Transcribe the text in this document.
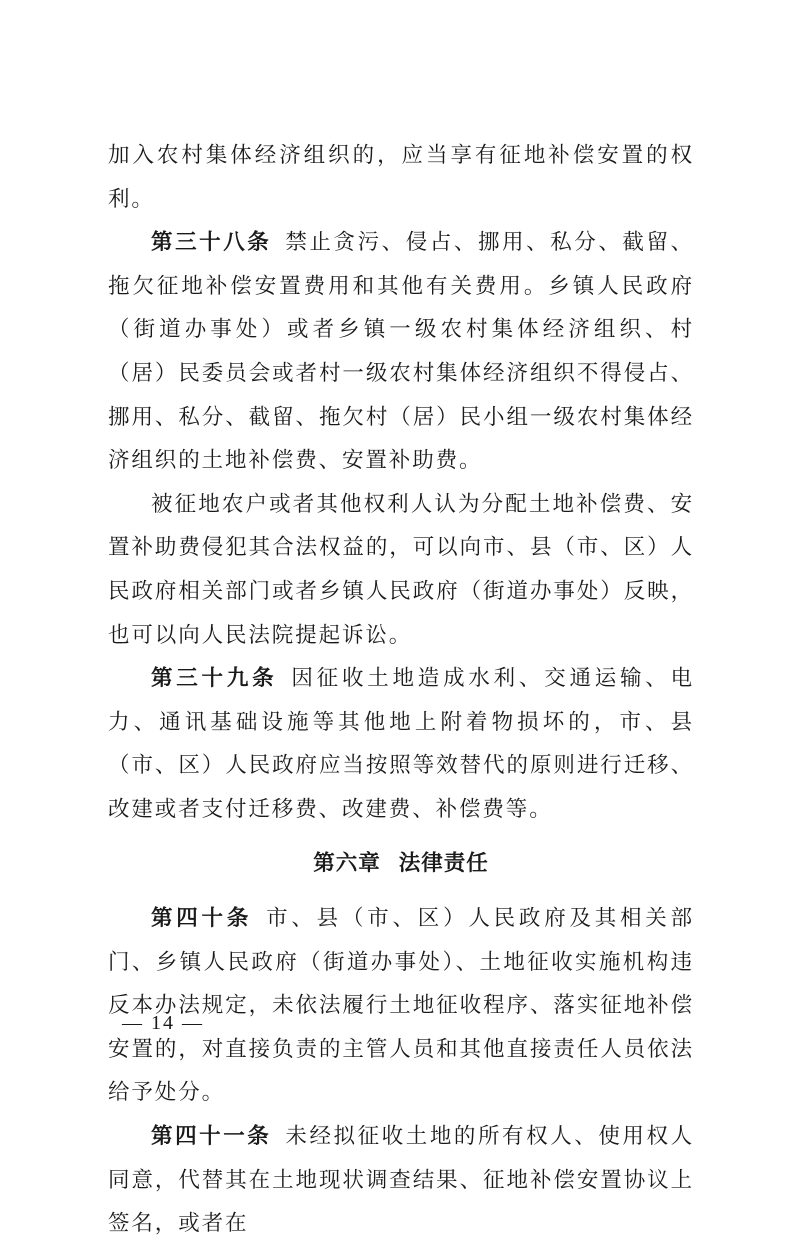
加入农村集体经济组织的，应当享有征地补偿安置的权利。

第三十八条 禁止贪污、侵占、挪用、私分、截留、拖欠征地补偿安置费用和其他有关费用。乡镇人民政府（街道办事处）或者乡镇一级农村集体经济组织、村（居）民委员会或者村一级农村集体经济组织不得侵占、挪用、私分、截留、拖欠村（居）民小组一级农村集体经济组织的土地补偿费、安置补助费。

被征地农户或者其他权利人认为分配土地补偿费、安置补助费侵犯其合法权益的，可以向市、县（市、区）人民政府相关部门或者乡镇人民政府（街道办事处）反映，也可以向人民法院提起诉讼。

第三十九条 因征收土地造成水利、交通运输、电力、通讯基础设施等其他地上附着物损坏的，市、县（市、区）人民政府应当按照等效替代的原则进行迁移、改建或者支付迁移费、改建费、补偿费等。

第六章 法律责任

第四十条 市、县（市、区）人民政府及其相关部门、乡镇人民政府（街道办事处）、土地征收实施机构违反本办法规定，未依法履行土地征收程序、落实征地补偿安置的，对直接负责的主管人员和其他直接责任人员依法给予处分。

第四十一条 未经拟征收土地的所有权人、使用权人同意，代替其在土地现状调查结果、征地补偿安置协议上签名，或者在

— 14 —
